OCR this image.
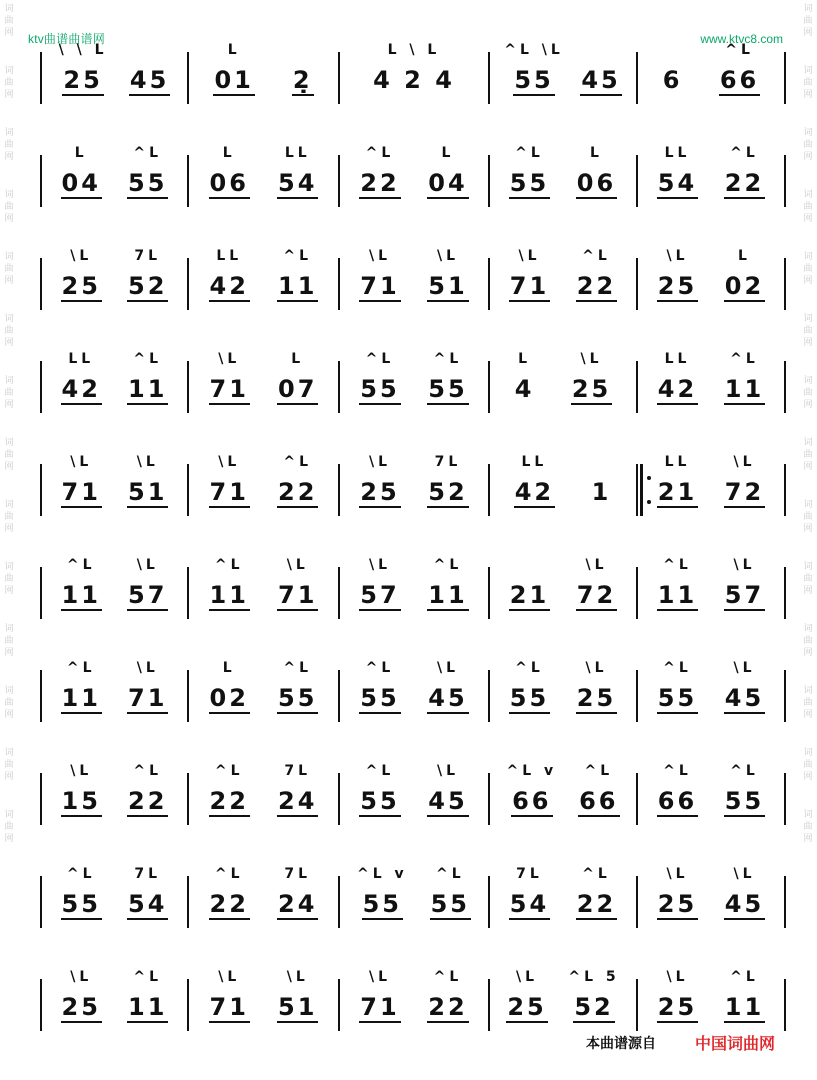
词
曲
网
词
曲
网
词
曲
网
词
曲
网
词
曲
网
词
曲
网
词
曲
网
词
曲
网
词
曲
网
词
曲
网
词
曲
网
词
曲
网
词
曲
网
词
曲
网
词
曲
网
词
曲
网
词
曲
网
词
曲
网
词
曲
网
词
曲
网
词
曲
网
词
曲
网
词
曲
网
词
曲
网
词
曲
网
词
曲
网
词
曲
网
词
曲
网
ktv曲谱曲谱网	www.ktvc8.com
\ \ L
25 45
L
01 2̣
L \ L
4 2 4
^L \L
55 45 6
^L
66
L
04
^L
55
L
06
LL
54
^L
22
L
04
^L
55
L
06
LL
54
^L
22
\L
25
7L
52
LL
42
^L
11
\L
71
\L
51
\L
71
^L
22
\L
25
L
02
LL
42
^L
11
\L
71
L
07
^L
55
^L
55
L
4
\L
25
LL
42
^L
11
\L
71
\L
51
\L
71
^L
22
\L
25
7L
52
LL
42 1
LL
21
\L
72
^L
11
\L
57
^L
11
\L
71
\L
57
^L
11 21
\L
72
^L
11
\L
57
^L
11
\L
71
L
02
^L
55
^L
55
\L
45
^L
55
\L
25
^L
55
\L
45
\L
15
^L
22
^L
22
7L
24
^L
55
\L
45
^L v
66
^L
66
^L
66
^L
55
^L
55
7L
54
^L
22
7L
24
^L v
55
^L
55
7L
54
^L
22
\L
25
\L
45
\L
25
^L
11
\L
71
\L
51
\L
71
^L
22
\L
25
^L 5
52
\L
25
^L
11
本曲谱源自 中国词曲网
